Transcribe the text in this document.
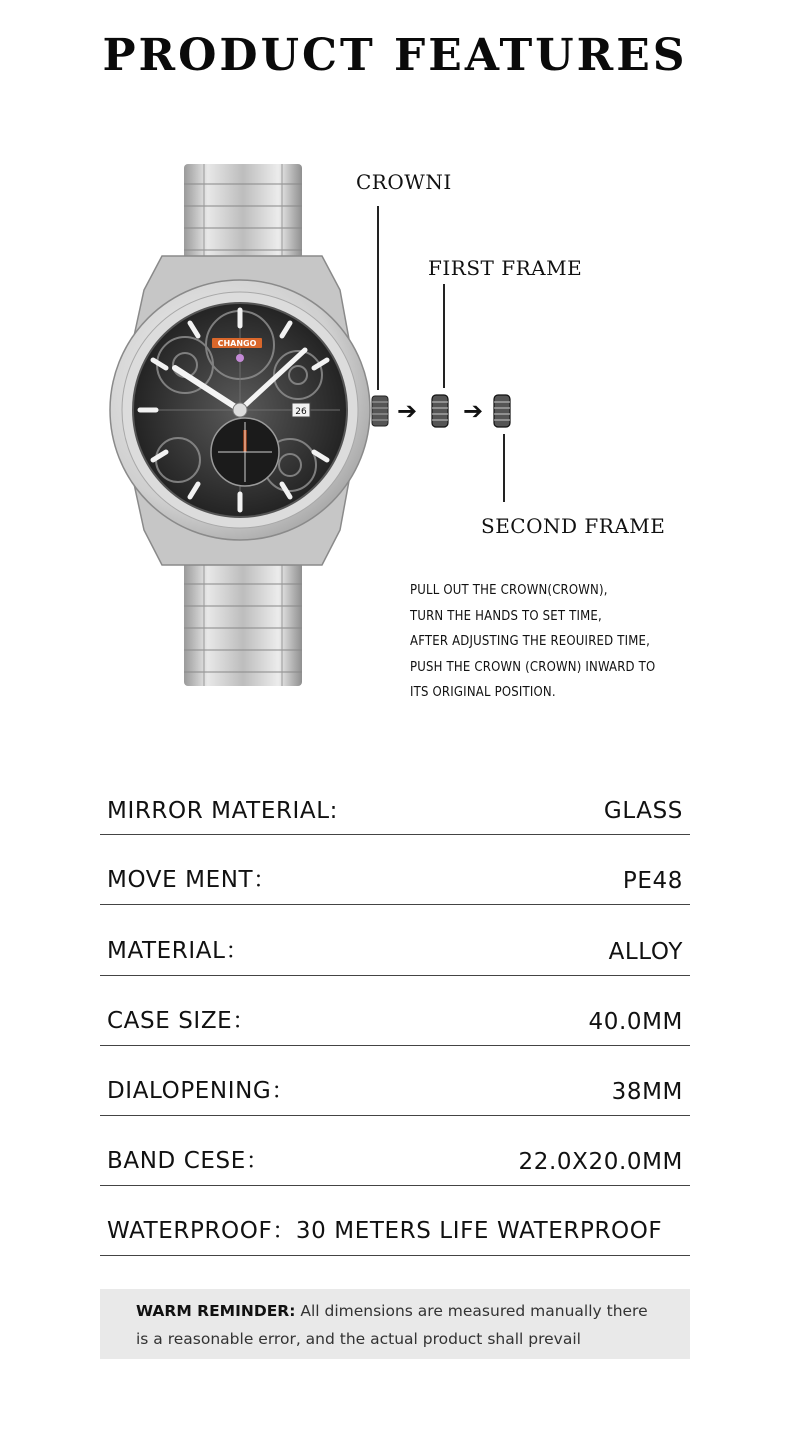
PRODUCT FEATURES
CHANGO
26
CROWNI
FIRST FRAME
➔ ➔
SECOND FRAME
PULL OUT THE CROWN(CROWN),
TURN THE HANDS TO SET TIME,
AFTER ADJUSTING THE REOUIRED TIME,
PUSH THE CROWN (CROWN) INWARD TO
ITS ORIGINAL POSITION.
MIRROR MATERIAL:	GLASS
MOVE MENT：	PE48
MATERIAL：	ALLOY
CASE SIZE：	40.0MM
DIALOPENING：	38MM
BAND CESE：	22.0X20.0MM
WATERPROOF：30 METERS LIFE WATERPROOF
WARM REMINDER: All dimensions are measured manually there is a reasonable error, and the actual product shall prevail
